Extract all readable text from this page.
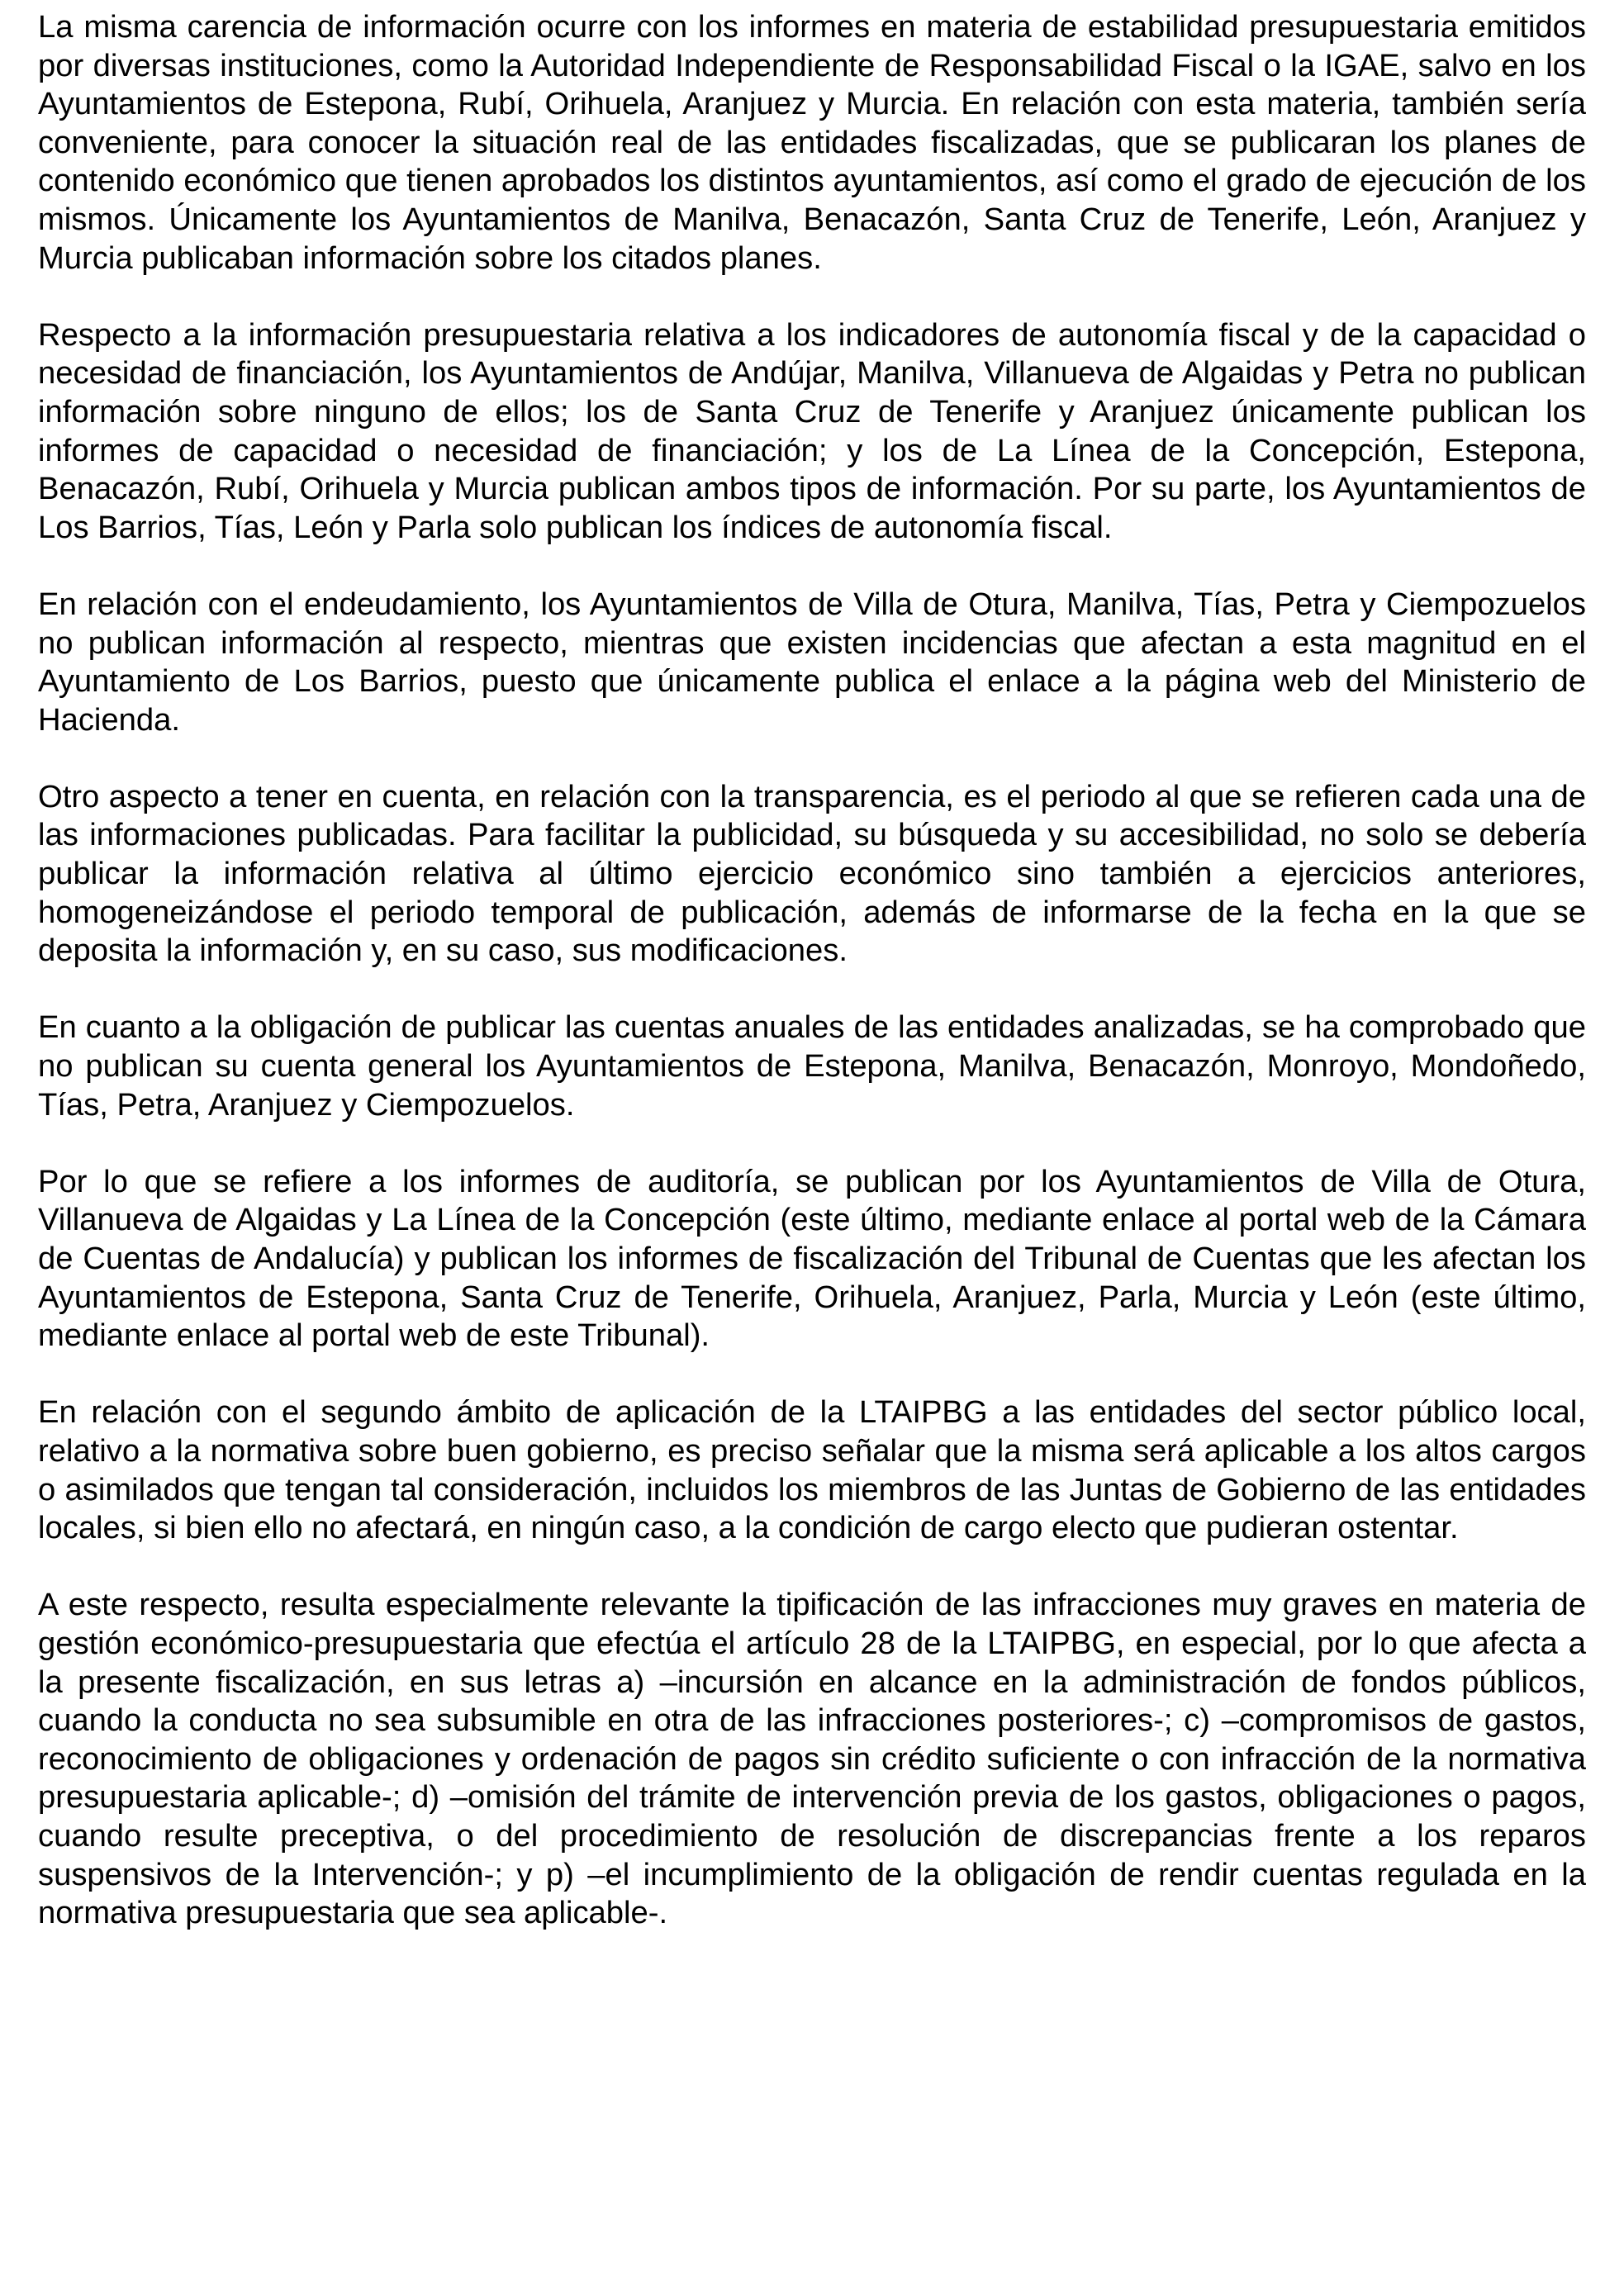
La misma carencia de información ocurre con los informes en materia de estabilidad presupuestaria emitidos por diversas instituciones, como la Autoridad Independiente de Responsabilidad Fiscal o la IGAE, salvo en los Ayuntamientos de Estepona, Rubí, Orihuela, Aranjuez y Murcia. En relación con esta materia, también sería conveniente, para conocer la situación real de las entidades fiscalizadas, que se publicaran los planes de contenido económico que tienen aprobados los distintos ayuntamientos, así como el grado de ejecución de los mismos. Únicamente los Ayuntamientos de Manilva, Benacazón, Santa Cruz de Tenerife, León, Aranjuez y Murcia publicaban información sobre los citados planes.

Respecto a la información presupuestaria relativa a los indicadores de autonomía fiscal y de la capacidad o necesidad de financiación, los Ayuntamientos de Andújar, Manilva, Villanueva de Algaidas y Petra no publican información sobre ninguno de ellos; los de Santa Cruz de Tenerife y Aranjuez únicamente publican los informes de capacidad o necesidad de financiación; y los de La Línea de la Concepción, Estepona, Benacazón, Rubí, Orihuela y Murcia publican ambos tipos de información. Por su parte, los Ayuntamientos de Los Barrios, Tías, León y Parla solo publican los índices de autonomía fiscal.

En relación con el endeudamiento, los Ayuntamientos de Villa de Otura, Manilva, Tías, Petra y Ciempozuelos no publican información al respecto, mientras que existen incidencias que afectan a esta magnitud en el Ayuntamiento de Los Barrios, puesto que únicamente publica el enlace a la página web del Ministerio de Hacienda.

Otro aspecto a tener en cuenta, en relación con la transparencia, es el periodo al que se refieren cada una de las informaciones publicadas. Para facilitar la publicidad, su búsqueda y su accesibilidad, no solo se debería publicar la información relativa al último ejercicio económico sino también a ejercicios anteriores, homogeneizándose el periodo temporal de publicación, además de informarse de la fecha en la que se deposita la información y, en su caso, sus modificaciones.

En cuanto a la obligación de publicar las cuentas anuales de las entidades analizadas, se ha comprobado que no publican su cuenta general los Ayuntamientos de Estepona, Manilva, Benacazón, Monroyo, Mondoñedo, Tías, Petra, Aranjuez y Ciempozuelos.

Por lo que se refiere a los informes de auditoría, se publican por los Ayuntamientos de Villa de Otura, Villanueva de Algaidas y La Línea de la Concepción (este último, mediante enlace al portal web de la Cámara de Cuentas de Andalucía) y publican los informes de fiscalización del Tribunal de Cuentas que les afectan los Ayuntamientos de Estepona, Santa Cruz de Tenerife, Orihuela, Aranjuez, Parla, Murcia y León (este último, mediante enlace al portal web de este Tribunal).

En relación con el segundo ámbito de aplicación de la LTAIPBG a las entidades del sector público local, relativo a la normativa sobre buen gobierno, es preciso señalar que la misma será aplicable a los altos cargos o asimilados que tengan tal consideración, incluidos los miembros de las Juntas de Gobierno de las entidades locales, si bien ello no afectará, en ningún caso, a la condición de cargo electo que pudieran ostentar.

A este respecto, resulta especialmente relevante la tipificación de las infracciones muy graves en materia de gestión económico-presupuestaria que efectúa el artículo 28 de la LTAIPBG, en especial, por lo que afecta a la presente fiscalización, en sus letras a) –incursión en alcance en la administración de fondos públicos, cuando la conducta no sea subsumible en otra de las infracciones posteriores-; c) –compromisos de gastos, reconocimiento de obligaciones y ordenación de pagos sin crédito suficiente o con infracción de la normativa presupuestaria aplicable-; d) –omisión del trámite de intervención previa de los gastos, obligaciones o pagos, cuando resulte preceptiva, o del procedimiento de resolución de discrepancias frente a los reparos suspensivos de la Intervención-; y p) –el incumplimiento de la obligación de rendir cuentas regulada en la normativa presupuestaria que sea aplicable-.
